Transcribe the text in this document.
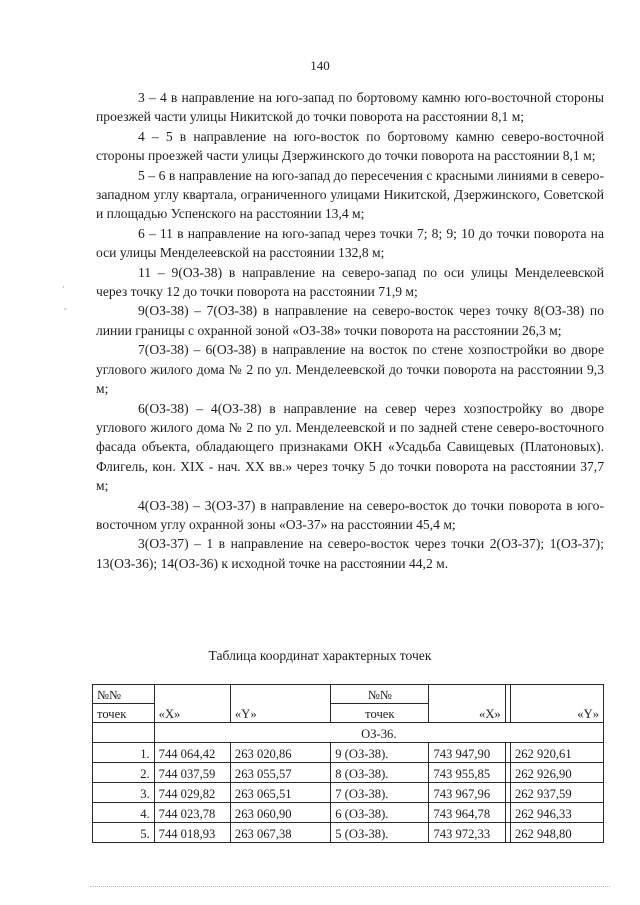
140

3 – 4 в направление на юго-запад по бортовому камню юго-восточной стороны проезжей части улицы Никитской до точки поворота на расстоянии 8,1 м;

4 – 5 в направление на юго-восток по бортовому камню северо-восточной стороны проезжей части улицы Дзержинского до точки поворота на расстоянии 8,1 м;

5 – 6 в направление на юго-запад до пересечения с красными линиями в северо-западном углу квартала, ограниченного улицами Никитской, Дзержинского, Советской и площадью Успенского на расстоянии 13,4 м;

6 – 11 в направление на юго-запад через точки 7; 8; 9; 10 до точки поворота на оси улицы Менделеевской на расстоянии 132,8 м;

11 – 9(ОЗ-38) в направление на северо-запад по оси улицы Менделеевской через точку 12 до точки поворота на расстоянии 71,9 м;

9(ОЗ-38) – 7(ОЗ-38) в направление на северо-восток через точку 8(ОЗ-38) по линии границы с охранной зоной «ОЗ-38» точки поворота на расстоянии 26,3 м;

7(ОЗ-38) – 6(ОЗ-38) в направление на восток по стене хозпостройки во дворе углового жилого дома № 2 по ул. Менделеевской до точки поворота на расстоянии 9,3 м;

6(ОЗ-38) – 4(ОЗ-38) в направление на север через хозпостройку во дворе углового жилого дома № 2 по ул. Менделеевской и по задней стене северо-восточного фасада объекта, обладающего признаками ОКН «Усадьба Савищевых (Платоновых). Флигель, кон. XIX - нач. XX вв.» через точку 5 до точки поворота на расстоянии 37,7 м;

4(ОЗ-38) – 3(ОЗ-37) в направление на северо-восток до точки поворота в юго-восточном углу охранной зоны «ОЗ-37» на расстоянии 45,4 м;

3(ОЗ-37) – 1 в направление на северо-восток через точки 2(ОЗ-37); 1(ОЗ-37); 13(ОЗ-36); 14(ОЗ-36) к исходной точке на расстоянии 44,2 м.

Таблица координат характерных точек
№№	«X»	«Y»	№№	«X»		«Y»
точек			точек			
	ОЗ-36.					
1.	744 064,42	263 020,86	9 (ОЗ-38).	743 947,90		262 920,61
2.	744 037,59	263 055,57	8 (ОЗ-38).	743 955,85		262 926,90
3.	744 029,82	263 065,51	7 (ОЗ-38).	743 967,96		262 937,59
4.	744 023,78	263 060,90	6 (ОЗ-38).	743 964,78		262 946,33
5.	744 018,93	263 067,38	5 (ОЗ-38).	743 972,33		262 948,80
·
˛
